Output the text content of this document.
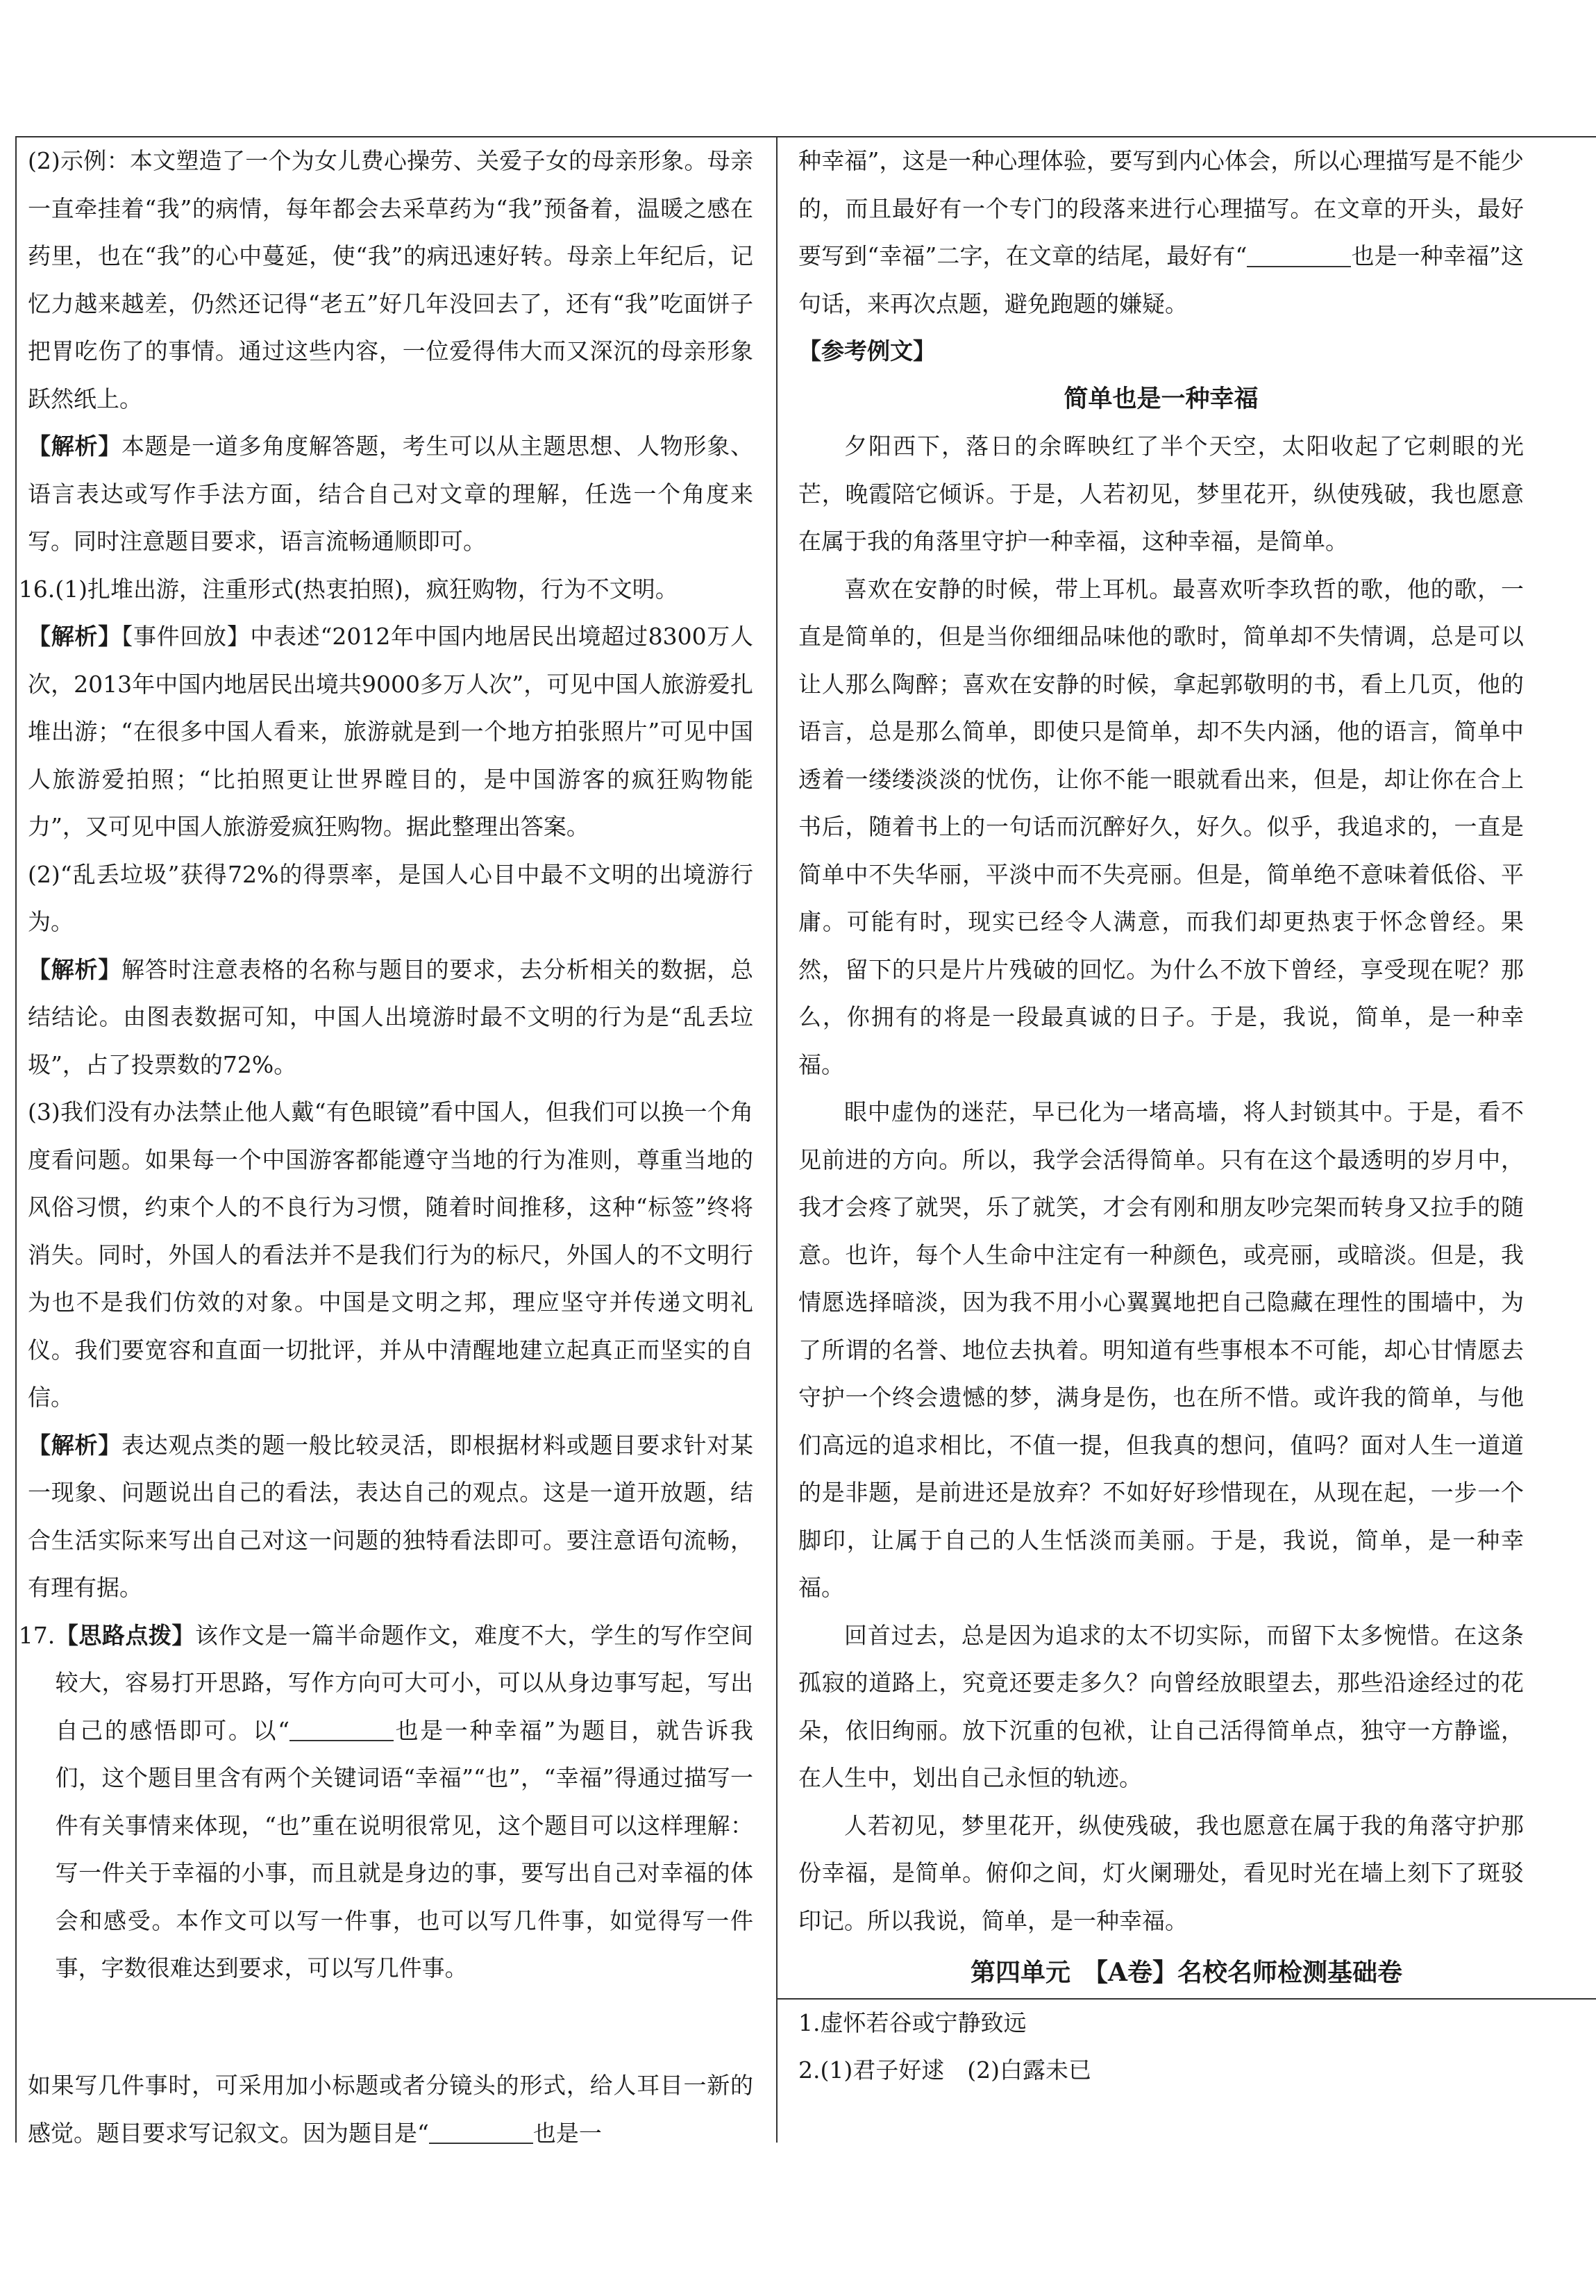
(2)示例：本文塑造了一个为女儿费心操劳、关爱子女的母亲形象。母亲一直牵挂着“我”的病情，每年都会去采草药为“我”预备着，温暖之感在药里，也在“我”的心中蔓延，使“我”的病迅速好转。母亲上年纪后，记忆力越来越差，仍然还记得“老五”好几年没回去了，还有“我”吃面饼子把胃吃伤了的事情。通过这些内容，一位爱得伟大而又深沉的母亲形象跃然纸上。

【解析】本题是一道多角度解答题，考生可以从主题思想、人物形象、语言表达或写作手法方面，结合自己对文章的理解，任选一个角度来写。同时注意题目要求，语言流畅通顺即可。

16.(1)扎堆出游，注重形式(热衷拍照)，疯狂购物，行为不文明。

【解析】【事件回放】中表述“2012年中国内地居民出境超过8300万人次，2013年中国内地居民出境共9000多万人次”，可见中国人旅游爱扎堆出游；“在很多中国人看来，旅游就是到一个地方拍张照片”可见中国人旅游爱拍照；“比拍照更让世界瞠目的，是中国游客的疯狂购物能力”，又可见中国人旅游爱疯狂购物。据此整理出答案。

(2)“乱丢垃圾”获得72%的得票率，是国人心目中最不文明的出境游行为。

【解析】解答时注意表格的名称与题目的要求，去分析相关的数据，总结结论。由图表数据可知，中国人出境游时最不文明的行为是“乱丢垃圾”，占了投票数的72%。

(3)我们没有办法禁止他人戴“有色眼镜”看中国人，但我们可以换一个角度看问题。如果每一个中国游客都能遵守当地的行为准则，尊重当地的风俗习惯，约束个人的不良行为习惯，随着时间推移，这种“标签”终将消失。同时，外国人的看法并不是我们行为的标尺，外国人的不文明行为也不是我们仿效的对象。中国是文明之邦，理应坚守并传递文明礼仪。我们要宽容和直面一切批评，并从中清醒地建立起真正而坚实的自信。

【解析】表达观点类的题一般比较灵活，即根据材料或题目要求针对某一现象、问题说出自己的看法，表达自己的观点。这是一道开放题，结合生活实际来写出自己对这一问题的独特看法即可。要注意语句流畅，有理有据。

17.【思路点拨】该作文是一篇半命题作文，难度不大，学生的写作空间较大，容易打开思路，写作方向可大可小，可以从身边事写起，写出自己的感悟即可。以“	也是一种幸福”为题目，就告诉我们，这个题目里含有两个关键词语“幸福”“也”，“幸福”得通过描写一件有关事情来体现，“也”重在说明很常见，这个题目可以这样理解：写一件关于幸福的小事，而且就是身边的事，要写出自己对幸福的体会和感受。本作文可以写一件事，也可以写几件事，如觉得写一件事，字数很难达到要求，可以写几件事。

如果写几件事时，可采用加小标题或者分镜头的形式，给人耳目一新的感觉。题目要求写记叙文。因为题目是“	也是一

种幸福”，这是一种心理体验，要写到内心体会，所以心理描写是不能少的，而且最好有一个专门的段落来进行心理描写。在文章的开头，最好要写到“幸福”二字，在文章的结尾，最好有“	也是一种幸福”这句话，来再次点题，避免跑题的嫌疑。

【参考例文】

简单也是一种幸福

夕阳西下，落日的余晖映红了半个天空，太阳收起了它刺眼的光芒，晚霞陪它倾诉。于是，人若初见，梦里花开，纵使残破，我也愿意在属于我的角落里守护一种幸福，这种幸福，是简单。

喜欢在安静的时候，带上耳机。最喜欢听李玖哲的歌，他的歌，一直是简单的，但是当你细细品味他的歌时，简单却不失情调，总是可以让人那么陶醉；喜欢在安静的时候，拿起郭敬明的书，看上几页，他的语言，总是那么简单，即使只是简单，却不失内涵，他的语言，简单中透着一缕缕淡淡的忧伤，让你不能一眼就看出来，但是，却让你在合上书后，随着书上的一句话而沉醉好久，好久。似乎，我追求的，一直是简单中不失华丽，平淡中而不失亮丽。但是，简单绝不意味着低俗、平庸。可能有时，现实已经令人满意，而我们却更热衷于怀念曾经。果然，留下的只是片片残破的回忆。为什么不放下曾经，享受现在呢？那么，你拥有的将是一段最真诚的日子。于是，我说，简单，是一种幸福。

眼中虚伪的迷茫，早已化为一堵高墙，将人封锁其中。于是，看不见前进的方向。所以，我学会活得简单。只有在这个最透明的岁月中，我才会疼了就哭，乐了就笑，才会有刚和朋友吵完架而转身又拉手的随意。也许，每个人生命中注定有一种颜色，或亮丽，或暗淡。但是，我情愿选择暗淡，因为我不用小心翼翼地把自己隐藏在理性的围墙中，为了所谓的名誉、地位去执着。明知道有些事根本不可能，却心甘情愿去守护一个终会遗憾的梦，满身是伤，也在所不惜。或许我的简单，与他们高远的追求相比，不值一提，但我真的想问，值吗？面对人生一道道的是非题，是前进还是放弃？不如好好珍惜现在，从现在起，一步一个脚印，让属于自己的人生恬淡而美丽。于是，我说，简单，是一种幸福。

回首过去，总是因为追求的太不切实际，而留下太多惋惜。在这条孤寂的道路上，究竟还要走多久？向曾经放眼望去，那些沿途经过的花朵，依旧绚丽。放下沉重的包袱，让自己活得简单点，独守一方静谧，在人生中，划出自己永恒的轨迹。

人若初见，梦里花开，纵使残破，我也愿意在属于我的角落守护那份幸福，是简单。俯仰之间，灯火阑珊处，看见时光在墙上刻下了斑驳印记。所以我说，简单，是一种幸福。

第四单元　【A卷】名校名师检测基础卷

1.虚怀若谷或宁静致远

2.(1)君子好逑　(2)白露未已
